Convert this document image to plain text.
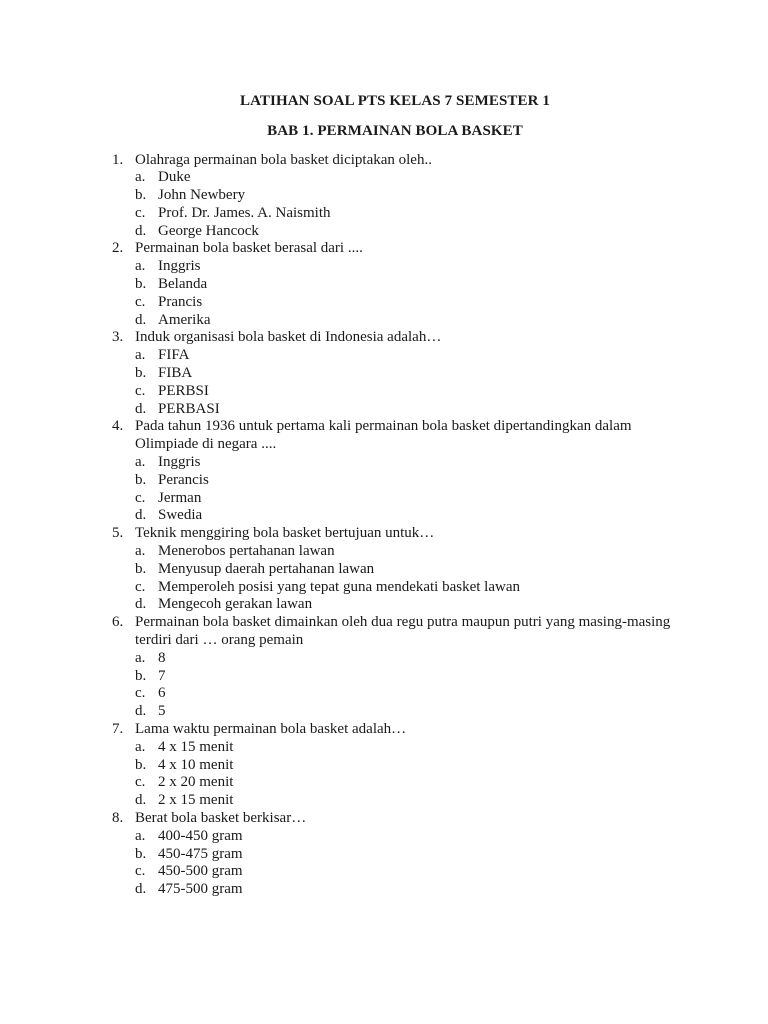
LATIHAN SOAL PTS KELAS 7 SEMESTER 1
BAB 1. PERMAINAN BOLA BASKET
1. Olahraga permainan bola basket diciptakan oleh..
a. Duke
b. John Newbery
c. Prof. Dr. James. A. Naismith
d. George Hancock
2. Permainan bola basket berasal dari ....
a. Inggris
b. Belanda
c. Prancis
d. Amerika
3. Induk organisasi bola basket di Indonesia adalah…
a. FIFA
b. FIBA
c. PERBSI
d. PERBASI
4. Pada tahun 1936 untuk pertama kali permainan bola basket dipertandingkan dalam Olimpiade di negara ....
a. Inggris
b. Perancis
c. Jerman
d. Swedia
5. Teknik menggiring bola basket bertujuan untuk…
a. Menerobos pertahanan lawan
b. Menyusup daerah pertahanan lawan
c. Memperoleh posisi yang tepat guna mendekati basket lawan
d. Mengecoh gerakan lawan
6. Permainan bola basket dimainkan oleh dua regu putra maupun putri yang masing-masing terdiri dari … orang pemain
a. 8
b. 7
c. 6
d. 5
7. Lama waktu permainan bola basket adalah…
a. 4 x 15 menit
b. 4 x 10 menit
c. 2 x 20 menit
d. 2 x 15 menit
8. Berat bola basket berkisar…
a. 400-450 gram
b. 450-475 gram
c. 450-500 gram
d. 475-500 gram
